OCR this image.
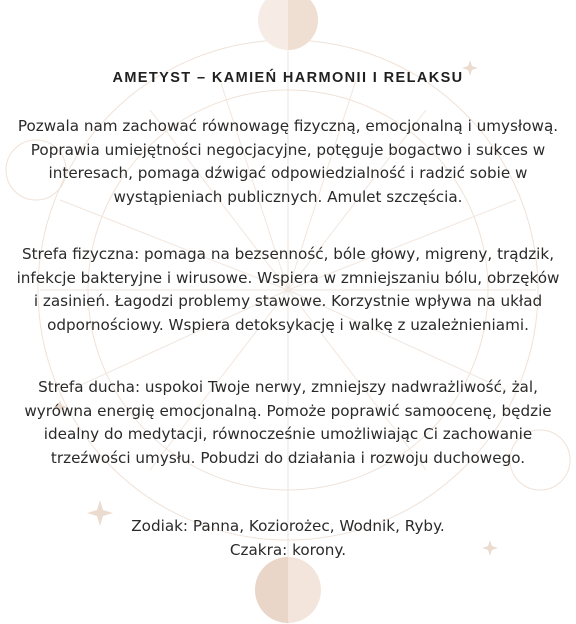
AMETYST – KAMIEŃ HARMONII I RELAKSU

Pozwala nam zachować równowagę fizyczną, emocjonalną i umysłową. Poprawia umiejętności negocjacyjne, potęguje bogactwo i sukces w interesach, pomaga dźwigać odpowiedzialność i radzić sobie w wystąpieniach publicznych. Amulet szczęścia.

Strefa fizyczna: pomaga na bezsenność, bóle głowy, migreny, trądzik, infekcje bakteryjne i wirusowe. Wspiera w zmniejszaniu bólu, obrzęków i zasinień. Łagodzi problemy stawowe. Korzystnie wpływa na układ odpornościowy. Wspiera detoksykację i walkę z uzależnieniami.

Strefa ducha: uspokoi Twoje nerwy, zmniejszy nadwrażliwość, żal, wyrówna energię emocjonalną. Pomoże poprawić samoocenę, będzie idealny do medytacji, równocześnie umożliwiając Ci zachowanie trzeźwości umysłu. Pobudzi do działania i rozwoju duchowego.

Zodiak: Panna, Koziorożec, Wodnik, Ryby.

Czakra: korony.
